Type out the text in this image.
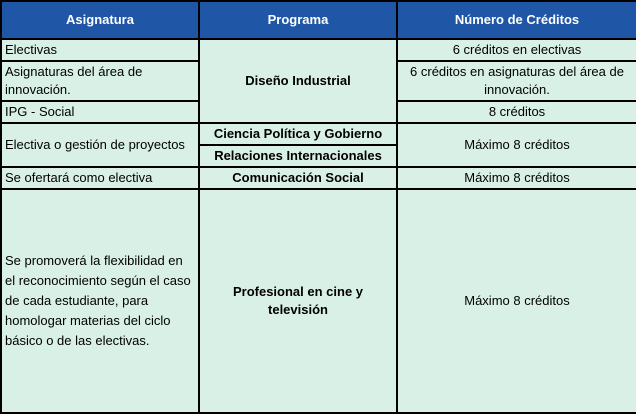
Asignatura	Programa	Número de Créditos
Electivas	Diseño Industrial	6 créditos en electivas
Asignaturas del área de innovación.		6 créditos en asignaturas del área de innovación.
IPG - Social		8 créditos
Electiva o gestión de proyectos	Ciencia Política y Gobierno	Máximo 8 créditos
	Relaciones Internacionales	
Se ofertará como electiva	Comunicación Social	Máximo 8 créditos
Se promoverá la flexibilidad en el reconocimiento según el caso de cada estudiante, para homologar materias del ciclo básico o de las electivas.	Profesional en cine y televisión	Máximo 8 créditos
